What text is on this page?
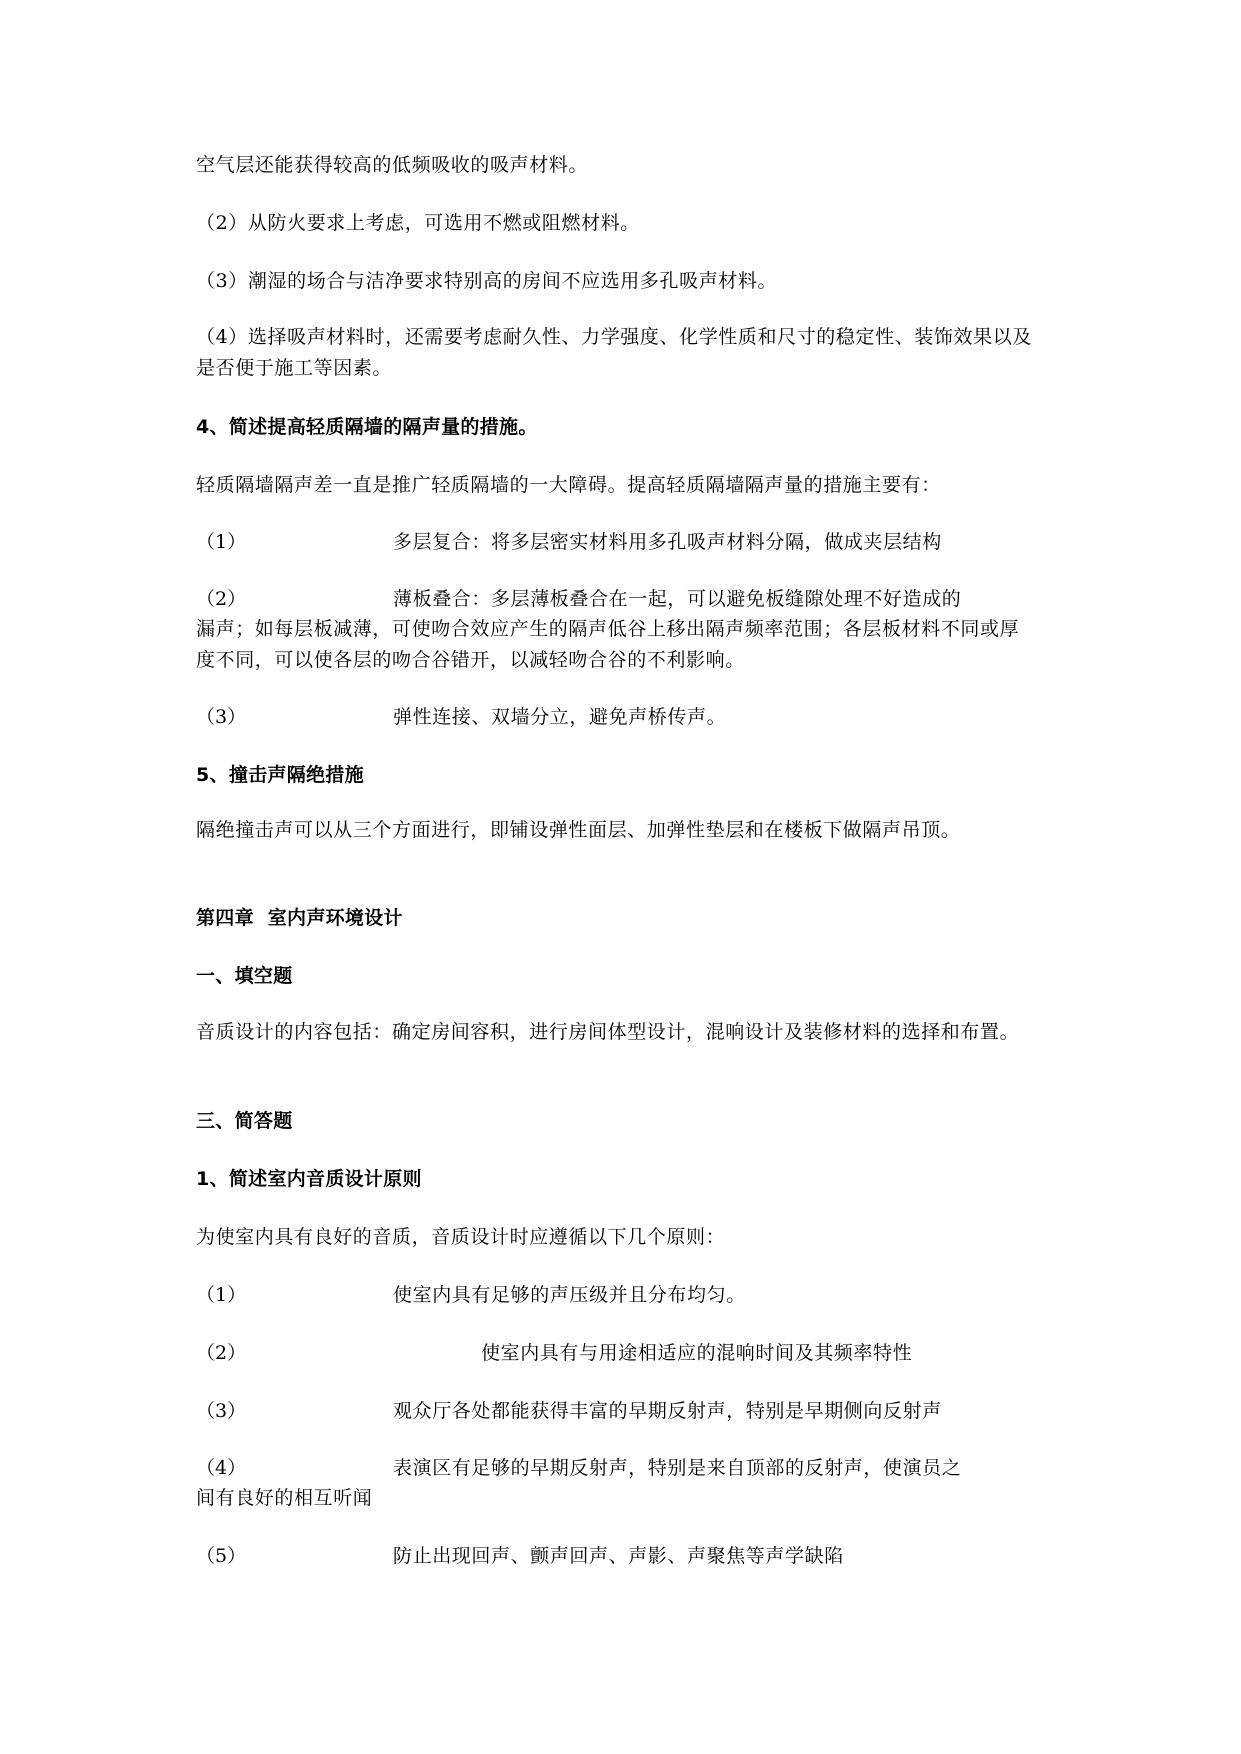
空气层还能获得较高的低频吸收的吸声材料。
（2）从防火要求上考虑，可选用不燃或阻燃材料。
（3）潮湿的场合与洁净要求特别高的房间不应选用多孔吸声材料。
（4）选择吸声材料时，还需要考虑耐久性、力学强度、化学性质和尺寸的稳定性、装饰效果以及是否便于施工等因素。
4、简述提高轻质隔墙的隔声量的措施。
轻质隔墙隔声差一直是推广轻质隔墙的一大障碍。提高轻质隔墙隔声量的措施主要有：
（1）	多层复合：将多层密实材料用多孔吸声材料分隔，做成夹层结构
（2）	薄板叠合：多层薄板叠合在一起，可以避免板缝隙处理不好造成的
漏声；如每层板减薄，可使吻合效应产生的隔声低谷上移出隔声频率范围；各层板材料不同或厚度不同，可以使各层的吻合谷错开，以减轻吻合谷的不利影响。
（3）	弹性连接、双墙分立，避免声桥传声。
5、撞击声隔绝措施
隔绝撞击声可以从三个方面进行，即铺设弹性面层、加弹性垫层和在楼板下做隔声吊顶。
第四章  室内声环境设计
一、填空题
音质设计的内容包括：确定房间容积，进行房间体型设计，混响设计及装修材料的选择和布置。
三、简答题
1、简述室内音质设计原则
为使室内具有良好的音质，音质设计时应遵循以下几个原则：
（1）	使室内具有足够的声压级并且分布均匀。
（2）	使室内具有与用途相适应的混响时间及其频率特性
（3）	观众厅各处都能获得丰富的早期反射声，特别是早期侧向反射声
（4）	表演区有足够的早期反射声，特别是来自顶部的反射声，使演员之
间有良好的相互听闻
（5）	防止出现回声、颤声回声、声影、声聚焦等声学缺陷
